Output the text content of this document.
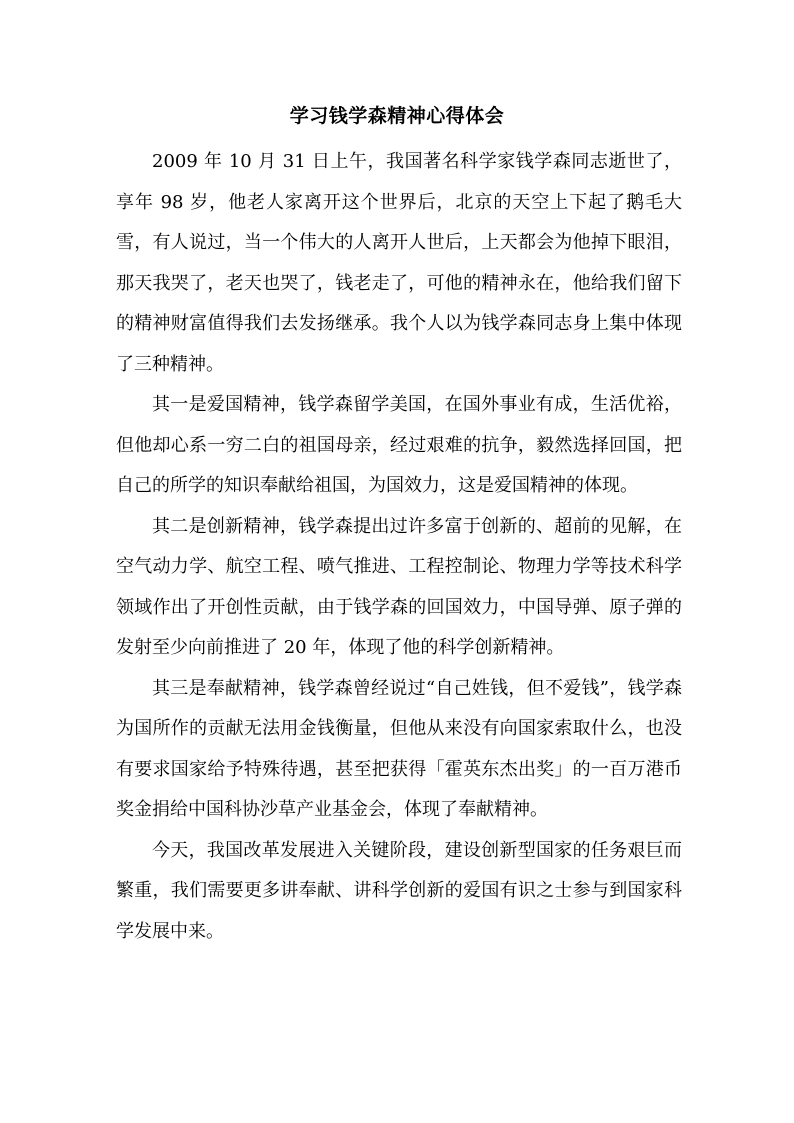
学习钱学森精神心得体会

2009 年 10 月 31 日上午，我国著名科学家钱学森同志逝世了，享年 98 岁，他老人家离开这个世界后，北京的天空上下起了鹅毛大雪，有人说过，当一个伟大的人离开人世后，上天都会为他掉下眼泪，那天我哭了，老天也哭了，钱老走了，可他的精神永在，他给我们留下的精神财富值得我们去发扬继承。我个人以为钱学森同志身上集中体现了三种精神。

其一是爱国精神，钱学森留学美国，在国外事业有成，生活优裕，但他却心系一穷二白的祖国母亲，经过艰难的抗争，毅然选择回国，把自己的所学的知识奉献给祖国，为国效力，这是爱国精神的体现。

其二是创新精神，钱学森提出过许多富于创新的、超前的见解，在空气动力学、航空工程、喷气推进、工程控制论、物理力学等技术科学领域作出了开创性贡献，由于钱学森的回国效力，中国导弹、原子弹的发射至少向前推进了 20 年，体现了他的科学创新精神。

其三是奉献精神，钱学森曾经说过“自己姓钱，但不爱钱”，钱学森为国所作的贡献无法用金钱衡量，但他从来没有向国家索取什么，也没有要求国家给予特殊待遇，甚至把获得「霍英东杰出奖」的一百万港币奖金捐给中国科协沙草产业基金会，体现了奉献精神。

今天，我国改革发展进入关键阶段，建设创新型国家的任务艰巨而繁重，我们需要更多讲奉献、讲科学创新的爱国有识之士参与到国家科学发展中来。
